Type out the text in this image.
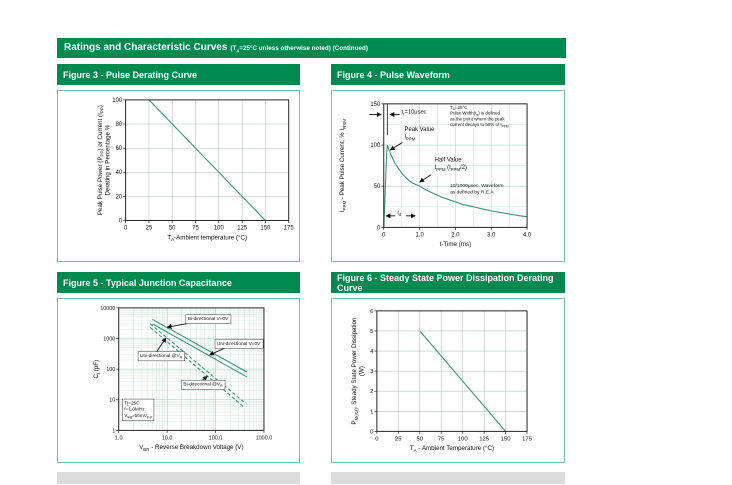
Ratings and Characteristic Curves ($T_A=25^\circ C$ unless otherwise noted) (Continued)
Figure 3 - Pulse Derating Curve
0	25	50	75	100 125 150 175
0
20
40
60
80
100
$T_A$-Ambient temperature (°C)
Peak Pulse Power $(P_{PP})$ or Current $(I_{PP})$
Derating in Percentage %
Figure 4 - Pulse Waveform
0	1.0	2.0	3.0	4.0
0
50
100
150
t-Time (ms)
$I_{PPM}$ - Peak Pulse Current, % $I_{RSM}$
$t_r=10\mu\sec$
Peak Value $I_{PPM}$
Half Value $I_{PPM}$ $(I_{PPM}/2)$
$T_A=25^\circ C$ Pulse $Width(t_d)$ is defined as the point where the peak current decays to 50% of $I_{PPM}$
10/1000μsec. Waveform as defined by R.E.A
$t_d$
Figure 5 - Typical Junction Capacitance
1.0	10.0	100.0	1000.0
1
10
100
1000
10000
$V_{BR}$ - Reverse Breakdown Voltage (V)
$C_j$ (pF)
Bi-directional V=0V
Uni-directional V=0V
Uni-directional $@V_R$
Bi-directional $@V_R$
Tj=25C f=1.0MHz $V_{sig}=50mV_{p-p}$
Figure 6 - Steady State Power Dissipation Derating Curve
0	25 50 75 100 125 150 175
0
1
2
3
4
5
6
$T_A$ - Ambient Temperature (°C)
$P_{M(AV)}$, Steady State Power Dissipation (W)
